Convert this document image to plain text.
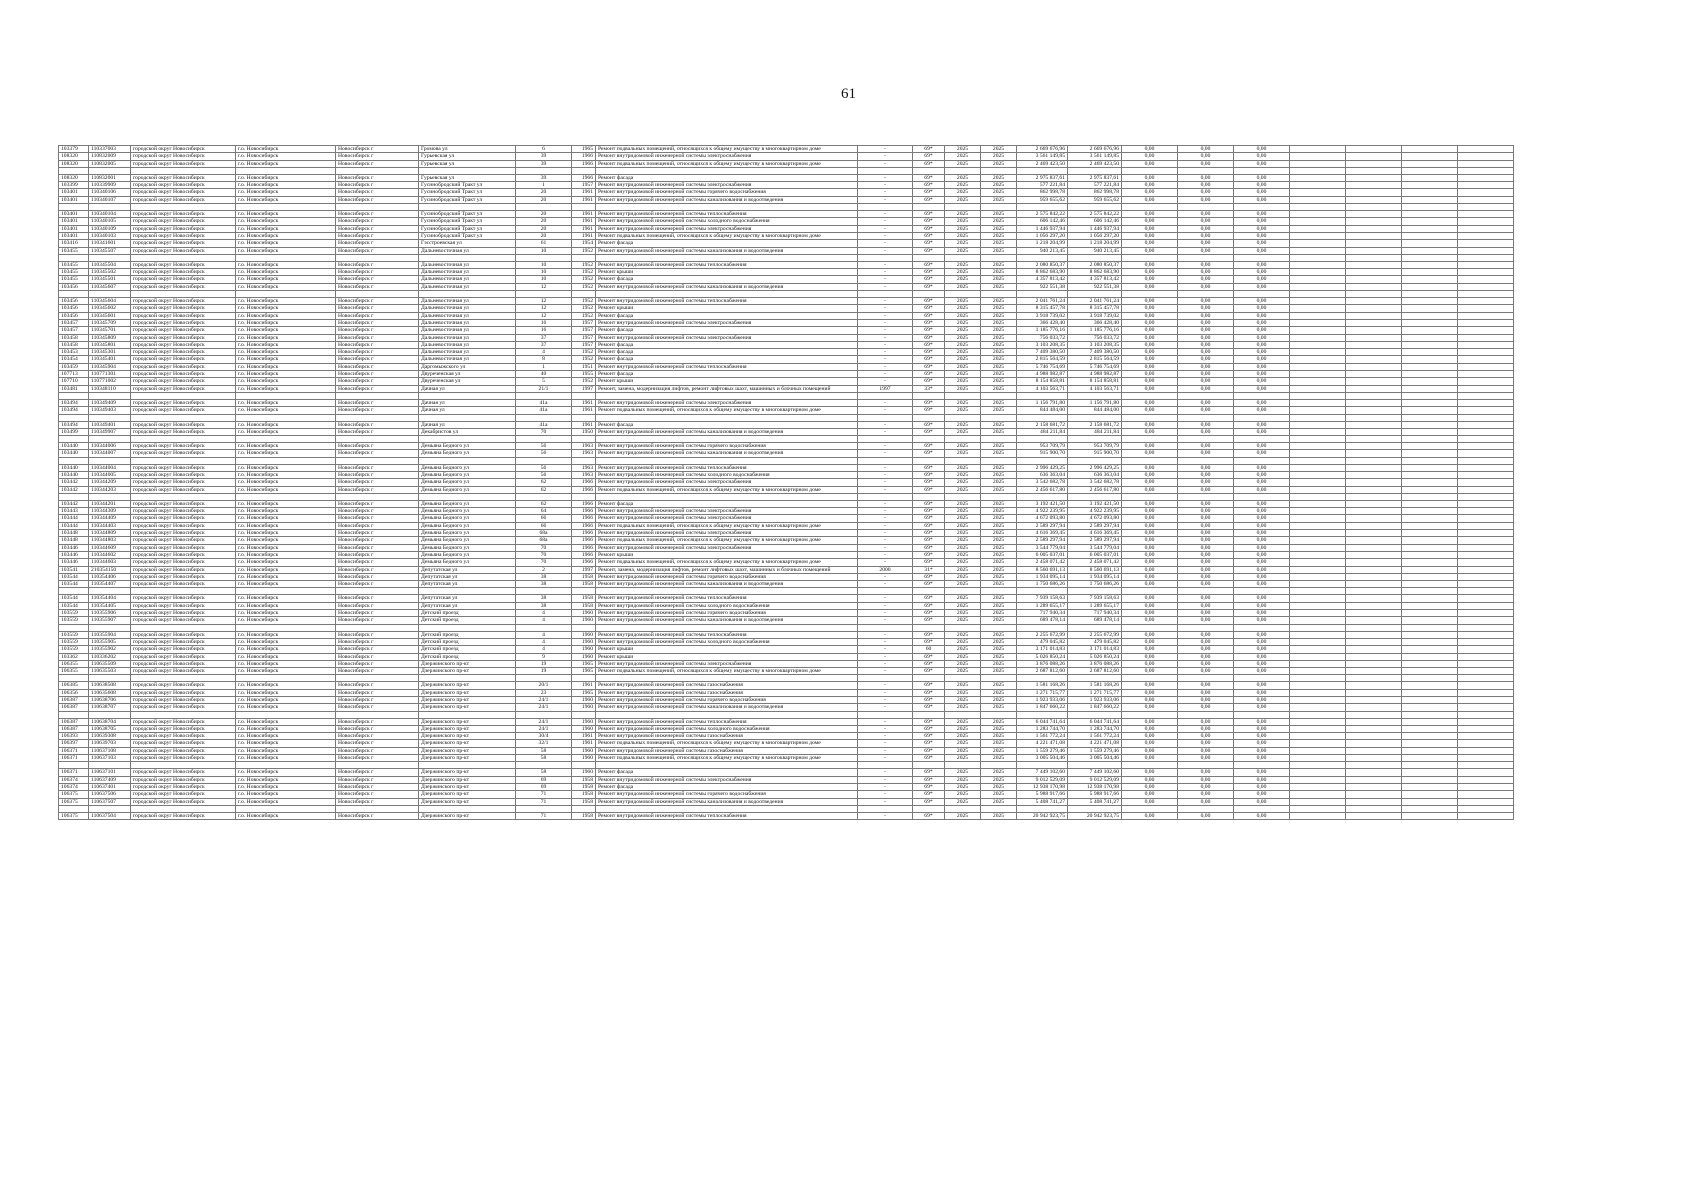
61
103379	110337003	городской округ Новосибирск	г.о. Новосибирск	Новосибирск г	Громова ул	6	1965	Ремонт подвальных помещений, относящихся к общему имуществу в многоквартирном доме	-	69*	2025	2025	2 669 676,96	2 669 676,96	0,00	0,00	0,00				
108320	110832009	городской округ Новосибирск	г.о. Новосибирск	Новосибирск г	Гурьевская ул	39	1966	Ремонт внутридомовой инженерной системы электроснабжения	-	69*	2025	2025	3 561 149,85	3 561 149,85	0,00	0,00	0,00				
108320	110832005	городской округ Новосибирск	г.о. Новосибирск	Новосибирск г	Гурьевская ул	39	1966	Ремонт подвальных помещений, относящихся к общему имуществу в многоквартирном доме	-	69*	2025	2025	2 469 423,50	2 469 423,50	0,00	0,00	0,00				

108320	110832001	городской округ Новосибирск	г.о. Новосибирск	Новосибирск г	Гурьевская ул	39	1966	Ремонт фасада	-	69*	2025	2025	2 975 837,61	2 975 837,61	0,00	0,00	0,00				
103399	110339909	городской округ Новосибирск	г.о. Новосибирск	Новосибирск г	Гусинобродский Тракт ул	1	1957	Ремонт внутридомовой инженерной системы электроснабжения	-	69*	2025	2025	577 221,84	577 221,84	0,00	0,00	0,00				
103401	110340106	городской округ Новосибирск	г.о. Новосибирск	Новосибирск г	Гусинобродский Тракт ул	20	1961	Ремонт внутридомовой инженерной системы горячего водоснабжения	-	69*	2025	2025	862 998,78	862 998,78	0,00	0,00	0,00				
103401	110340107	городской округ Новосибирск	г.о. Новосибирск	Новосибирск г	Гусинобродский Тракт ул	20	1961	Ремонт внутридомовой инженерной системы канализования и водоотведения	-	69*	2025	2025	959 655,62	959 655,62	0,00	0,00	0,00				

103401	110340104	городской округ Новосибирск	г.о. Новосибирск	Новосибирск г	Гусинобродский Тракт ул	20	1961	Ремонт внутридомовой инженерной системы теплоснабжения	-	69*	2025	2025	2 575 842,22	2 575 842,22	0,00	0,00	0,00				
103401	110340105	городской округ Новосибирск	г.о. Новосибирск	Новосибирск г	Гусинобродский Тракт ул	20	1961	Ремонт внутридомовой инженерной системы холодного водоснабжения	-	69*	2025	2025	606 142,46	606 142,46	0,00	0,00	0,00				
103401	110340109	городской округ Новосибирск	г.о. Новосибирск	Новосибирск г	Гусинобродский Тракт ул	20	1961	Ремонт внутридомовой инженерной системы электроснабжения	-	69*	2025	2025	1 446 937,94	1 446 937,94	0,00	0,00	0,00				
103401	110340103	городской округ Новосибирск	г.о. Новосибирск	Новосибирск г	Гусинобродский Тракт ул	20	1961	Ремонт подвальных помещений, относящихся к общему имуществу в многоквартирном доме	-	69*	2025	2025	1 056 297,20	1 056 297,20	0,00	0,00	0,00				
103416	110341601	городской округ Новосибирск	г.о. Новосибирск	Новосибирск г	Гэсстроевская ул	61	1954	Ремонт фасада	-	69*	2025	2025	1 218 204,99	1 218 204,99	0,00	0,00	0,00				
103455	110345507	городской округ Новосибирск	г.о. Новосибирск	Новосибирск г	Дальневосточная ул	10	1952	Ремонт внутридомовой инженерной системы канализования и водоотведения	-	69*	2025	2025	940 213,45	940 213,45	0,00	0,00	0,00				

103455	110345504	городской округ Новосибирск	г.о. Новосибирск	Новосибирск г	Дальневосточная ул	10	1952	Ремонт внутридомовой инженерной системы теплоснабжения	-	69*	2025	2025	2 080 850,37	2 080 850,37	0,00	0,00	0,00				
103455	110345502	городской округ Новосибирск	г.о. Новосибирск	Новосибирск г	Дальневосточная ул	10	1952	Ремонт крыши	-	69*	2025	2025	8 862 683,90	8 862 683,90	0,00	0,00	0,00				
103455	110345501	городской округ Новосибирск	г.о. Новосибирск	Новосибирск г	Дальневосточная ул	10	1952	Ремонт фасада	-	69*	2025	2025	4 357 813,42	4 357 813,42	0,00	0,00	0,00				
103456	110345607	городской округ Новосибирск	г.о. Новосибирск	Новосибирск г	Дальневосточная ул	12	1952	Ремонт внутридомовой инженерной системы канализования и водоотведения	-	69*	2025	2025	922 551,38	922 551,38	0,00	0,00	0,00				

103456	110345604	городской округ Новосибирск	г.о. Новосибирск	Новосибирск г	Дальневосточная ул	12	1952	Ремонт внутридомовой инженерной системы теплоснабжения	-	69*	2025	2025	2 041 761,24	2 041 761,24	0,00	0,00	0,00				
103456	110345602	городской округ Новосибирск	г.о. Новосибирск	Новосибирск г	Дальневосточная ул	12	1952	Ремонт крыши	-	69*	2025	2025	8 315 457,78	8 315 457,78	0,00	0,00	0,00				
103456	110345601	городской округ Новосибирск	г.о. Новосибирск	Новосибирск г	Дальневосточная ул	12	1952	Ремонт фасада	-	69*	2025	2025	3 918 739,02	3 918 739,02	0,00	0,00	0,00				
103457	110345709	городской округ Новосибирск	г.о. Новосибирск	Новосибирск г	Дальневосточная ул	16	1957	Ремонт внутридомовой инженерной системы электроснабжения	-	69*	2025	2025	366 428,40	366 428,40	0,00	0,00	0,00				
103457	110345701	городской округ Новосибирск	г.о. Новосибирск	Новосибирск г	Дальневосточная ул	16	1957	Ремонт фасада	-	69*	2025	2025	1 185 776,16	1 185 776,16	0,00	0,00	0,00				
103458	110345809	городской округ Новосибирск	г.о. Новосибирск	Новосибирск г	Дальневосточная ул	37	1957	Ремонт внутридомовой инженерной системы электроснабжения	-	69*	2025	2025	756 033,72	756 033,72	0,00	0,00	0,00				
103458	110345801	городской округ Новосибирск	г.о. Новосибирск	Новосибирск г	Дальневосточная ул	37	1957	Ремонт фасада	-	69*	2025	2025	3 103 208,35	3 103 208,35	0,00	0,00	0,00				
103453	110345301	городской округ Новосибирск	г.о. Новосибирск	Новосибирск г	Дальневосточная ул	4	1952	Ремонт фасада	-	69*	2025	2025	7 409 380,50	7 409 380,50	0,00	0,00	0,00				
103454	110345401	городской округ Новосибирск	г.о. Новосибирск	Новосибирск г	Дальневосточная ул	8	1952	Ремонт фасада	-	69*	2025	2025	2 815 564,59	2 815 564,59	0,00	0,00	0,00				
103459	110345904	городской округ Новосибирск	г.о. Новосибирск	Новосибирск г	Даргомыжского ул	1	1951	Ремонт внутридомовой инженерной системы теплоснабжения	-	69*	2025	2025	5 746 754,69	5 746 754,69	0,00	0,00	0,00				
107713	110771301	городской округ Новосибирск	г.о. Новосибирск	Новосибирск г	Двуреченская ул	40	1955	Ремонт фасада	-	69*	2025	2025	4 988 982,87	4 988 982,87	0,00	0,00	0,00				
107710	110771002	городской округ Новосибирск	г.о. Новосибирск	Новосибирск г	Двуреченская ул	5	1952	Ремонт крыши	-	69*	2025	2025	8 154 858,81	8 154 858,81	0,00	0,00	0,00				
103481	110348110	городской округ Новосибирск	г.о. Новосибирск	Новосибирск г	Дачная ул	21/1	1997	Ремонт, замена, модернизация лифтов, ремонт лифтовых шахт, машинных и блочных помещений	1997	33*	2025	2025	4 103 563,71	4 103 563,71	0,00	0,00	0,00				

103494	110349409	городской округ Новосибирск	г.о. Новосибирск	Новосибирск г	Дачная ул	41а	1961	Ремонт внутридомовой инженерной системы электроснабжения	-	69*	2025	2025	1 156 791,80	1 156 791,80	0,00	0,00	0,00				
103494	110349403	городской округ Новосибирск	г.о. Новосибирск	Новосибирск г	Дачная ул	41а	1961	Ремонт подвальных помещений, относящихся к общему имуществу в многоквартирном доме	-	69*	2025	2025	844 484,00	844 484,00	0,00	0,00	0,00				

103494	110349401	городской округ Новосибирск	г.о. Новосибирск	Новосибирск г	Дачная ул	41а	1961	Ремонт фасада	-	69*	2025	2025	2 158 681,72	2 158 681,72	0,00	0,00	0,00				
103499	110349907	городской округ Новосибирск	г.о. Новосибирск	Новосибирск г	Декабристов ул	70	1950	Ремонт внутридомовой инженерной системы канализования и водоотведения	-	69*	2025	2025	484 211,84	484 211,84	0,00	0,00	0,00				

103440	110344006	городской округ Новосибирск	г.о. Новосибирск	Новосибирск г	Демьяна Бедного ул	56	1963	Ремонт внутридомовой инженерной системы горячего водоснабжения	-	69*	2025	2025	953 709,79	953 709,79	0,00	0,00	0,00				
103440	110344007	городской округ Новосибирск	г.о. Новосибирск	Новосибирск г	Демьяна Бедного ул	56	1963	Ремонт внутридомовой инженерной системы канализования и водоотведения	-	69*	2025	2025	915 900,70	915 900,70	0,00	0,00	0,00				

103440	110344004	городской округ Новосибирск	г.о. Новосибирск	Новосибирск г	Демьяна Бедного ул	56	1963	Ремонт внутридомовой инженерной системы теплоснабжения	-	69*	2025	2025	2 996 429,25	2 996 429,25	0,00	0,00	0,00				
103440	110344005	городской округ Новосибирск	г.о. Новосибирск	Новосибирск г	Демьяна Бедного ул	56	1963	Ремонт внутридомовой инженерной системы холодного водоснабжения	-	69*	2025	2025	636 363,04	636 363,04	0,00	0,00	0,00				
103442	110344209	городской округ Новосибирск	г.о. Новосибирск	Новосибирск г	Демьяна Бедного ул	62	1966	Ремонт внутридомовой инженерной системы электроснабжения	-	69*	2025	2025	3 542 682,78	3 542 682,78	0,00	0,00	0,00				
103442	110344203	городской округ Новосибирск	г.о. Новосибирск	Новосибирск г	Демьяна Бедного ул	62	1966	Ремонт подвальных помещений, относящихся к общему имуществу в многоквартирном доме	-	69*	2025	2025	2 456 617,80	2 456 617,80	0,00	0,00	0,00				

103442	110344201	городской округ Новосибирск	г.о. Новосибирск	Новосибирск г	Демьяна Бедного ул	62	1966	Ремонт фасада	-	69*	2025	2025	3 192 421,50	3 192 421,50	0,00	0,00	0,00				
103443	110344309	городской округ Новосибирск	г.о. Новосибирск	Новосибирск г	Демьяна Бедного ул	64	1966	Ремонт внутридомовой инженерной системы электроснабжения	-	69*	2025	2025	4 922 239,95	4 922 239,95	0,00	0,00	0,00				
103444	110344409	городской округ Новосибирск	г.о. Новосибирск	Новосибирск г	Демьяна Бедного ул	66	1966	Ремонт внутридомовой инженерной системы электроснабжения	-	69*	2025	2025	4 672 093,80	4 672 093,80	0,00	0,00	0,00				
103444	110344403	городской округ Новосибирск	г.о. Новосибирск	Новосибирск г	Демьяна Бедного ул	66	1966	Ремонт подвальных помещений, относящихся к общему имуществу в многоквартирном доме	-	69*	2025	2025	2 589 297,94	2 589 297,94	0,00	0,00	0,00				
103448	110344809	городской округ Новосибирск	г.о. Новосибирск	Новосибирск г	Демьяна Бедного ул	68а	1966	Ремонт внутридомовой инженерной системы электроснабжения	-	69*	2025	2025	4 616 369,45	4 616 369,45	0,00	0,00	0,00				
103448	110344803	городской округ Новосибирск	г.о. Новосибирск	Новосибирск г	Демьяна Бедного ул	68а	1966	Ремонт подвальных помещений, относящихся к общему имуществу в многоквартирном доме	-	69*	2025	2025	2 589 297,94	2 589 297,94	0,00	0,00	0,00				
103446	110344609	городской округ Новосибирск	г.о. Новосибирск	Новосибирск г	Демьяна Бедного ул	70	1966	Ремонт внутридомовой инженерной системы электроснабжения	-	69*	2025	2025	3 544 779,04	3 544 779,04	0,00	0,00	0,00				
103446	110344602	городской округ Новосибирск	г.о. Новосибирск	Новосибирск г	Демьяна Бедного ул	70	1966	Ремонт крыши	-	69*	2025	2025	6 005 037,01	6 005 037,01	0,00	0,00	0,00				
103446	110344603	городской округ Новосибирск	г.о. Новосибирск	Новосибирск г	Демьяна Бедного ул	70	1966	Ремонт подвальных помещений, относящихся к общему имуществу в многоквартирном доме	-	69*	2025	2025	2 458 071,42	2 458 071,42	0,00	0,00	0,00				
103541	210354150	городской округ Новосибирск	г.о. Новосибирск	Новосибирск г	Депутатская ул	2	1997	Ремонт, замена, модернизация лифтов, ремонт лифтовых шахт, машинных и блочных помещений	2000	31*	2025	2025	8 560 691,13	8 560 691,13	0,00	0,00	0,00				
103544	110354406	городской округ Новосибирск	г.о. Новосибирск	Новосибирск г	Депутатская ул	38	1958	Ремонт внутридомовой инженерной системы горячего водоснабжения	-	69*	2025	2025	1 934 095,14	1 934 095,14	0,00	0,00	0,00				
103544	110354407	городской округ Новосибирск	г.о. Новосибирск	Новосибирск г	Депутатская ул	38	1958	Ремонт внутридомовой инженерной системы канализования и водоотведения	-	69*	2025	2025	1 750 686,26	1 750 686,26	0,00	0,00	0,00				

103544	110354404	городской округ Новосибирск	г.о. Новосибирск	Новосибирск г	Депутатская ул	38	1958	Ремонт внутридомовой инженерной системы теплоснабжения	-	69*	2025	2025	7 939 158,63	7 939 158,63	0,00	0,00	0,00				
103544	110354405	городской округ Новосибирск	г.о. Новосибирск	Новосибирск г	Депутатская ул	38	1958	Ремонт внутридомовой инженерной системы холодного водоснабжения	-	69*	2025	2025	1 289 655,17	1 289 655,17	0,00	0,00	0,00				
103559	110355906	городской округ Новосибирск	г.о. Новосибирск	Новосибирск г	Детский проезд	4	1960	Ремонт внутридомовой инженерной системы горячего водоснабжения	-	69*	2025	2025	717 940,34	717 940,34	0,00	0,00	0,00				
103559	110355907	городской округ Новосибирск	г.о. Новосибирск	Новосибирск г	Детский проезд	4	1960	Ремонт внутридомовой инженерной системы канализования и водоотведения	-	69*	2025	2025	689 478,14	689 478,14	0,00	0,00	0,00				

103559	110355904	городской округ Новосибирск	г.о. Новосибирск	Новосибирск г	Детский проезд	4	1960	Ремонт внутридомовой инженерной системы теплоснабжения	-	69*	2025	2025	2 255 672,99	2 255 672,99	0,00	0,00	0,00				
103559	110355905	городской округ Новосибирск	г.о. Новосибирск	Новосибирск г	Детский проезд	4	1960	Ремонт внутридомовой инженерной системы холодного водоснабжения	-	69*	2025	2025	479 045,82	479 045,82	0,00	0,00	0,00				
103559	110355902	городской округ Новосибирск	г.о. Новосибирск	Новосибирск г	Детский проезд	4	1960	Ремонт крыши	-	60	2025	2025	3 171 014,83	3 171 014,83	0,00	0,00	0,00				
103362	110336202	городской округ Новосибирск	г.о. Новосибирск	Новосибирск г	Детский проезд	9	1960	Ремонт крыши	-	69*	2025	2025	5 026 850,24	5 026 850,24	0,00	0,00	0,00				
106355	110635509	городской округ Новосибирск	г.о. Новосибирск	Новосибирск г	Дзержинского пр-кт	19	1965	Ремонт внутридомовой инженерной системы электроснабжения	-	69*	2025	2025	3 876 088,26	3 876 088,26	0,00	0,00	0,00				
106355	110635503	городской округ Новосибирск	г.о. Новосибирск	Новосибирск г	Дзержинского пр-кт	19	1965	Ремонт подвальных помещений, относящихся к общему имуществу в многоквартирном доме	-	69*	2025	2025	2 687 812,60	2 687 812,60	0,00	0,00	0,00				

106385	110638508	городской округ Новосибирск	г.о. Новосибирск	Новосибирск г	Дзержинского пр-кт	20/1	1961	Ремонт внутридомовой инженерной системы газоснабжения	-	69*	2025	2025	1 581 168,26	1 581 168,26	0,00	0,00	0,00				
106356	110635608	городской округ Новосибирск	г.о. Новосибирск	Новосибирск г	Дзержинского пр-кт	23	1965	Ремонт внутридомовой инженерной системы газоснабжения	-	69*	2025	2025	1 271 715,77	1 271 715,77	0,00	0,00	0,00				
106387	110638706	городской округ Новосибирск	г.о. Новосибирск	Новосибирск г	Дзержинского пр-кт	24/1	1960	Ремонт внутридомовой инженерной системы горячего водоснабжения	-	69*	2025	2025	1 923 933,06	1 923 933,06	0,00	0,00	0,00				
106387	110638707	городской округ Новосибирск	г.о. Новосибирск	Новосибирск г	Дзержинского пр-кт	24/1	1960	Ремонт внутридомовой инженерной системы канализования и водоотведения	-	69*	2025	2025	1 847 660,22	1 847 660,22	0,00	0,00	0,00				

106387	110638704	городской округ Новосибирск	г.о. Новосибирск	Новосибирск г	Дзержинского пр-кт	24/1	1960	Ремонт внутридомовой инженерной системы теплоснабжения	-	69*	2025	2025	6 044 741,64	6 044 741,64	0,00	0,00	0,00				
106387	110638705	городской округ Новосибирск	г.о. Новосибирск	Новосибирск г	Дзержинского пр-кт	24/1	1960	Ремонт внутридомовой инженерной системы холодного водоснабжения	-	69*	2025	2025	1 283 744,70	1 283 744,70	0,00	0,00	0,00				
106393	110639308	городской округ Новосибирск	г.о. Новосибирск	Новосибирск г	Дзержинского пр-кт	30/4	1961	Ремонт внутридомовой инженерной системы газоснабжения	-	69*	2025	2025	1 561 772,24	1 561 772,24	0,00	0,00	0,00				
106397	110639703	городской округ Новосибирск	г.о. Новосибирск	Новосибирск г	Дзержинского пр-кт	32/1	1961	Ремонт подвальных помещений, относящихся к общему имуществу в многоквартирном доме	-	69*	2025	2025	4 221 471,08	4 221 471,08	0,00	0,00	0,00				
106371	110637108	городской округ Новосибирск	г.о. Новосибирск	Новосибирск г	Дзержинского пр-кт	58	1960	Ремонт внутридомовой инженерной системы газоснабжения	-	69*	2025	2025	1 559 279,46	1 559 279,46	0,00	0,00	0,00				
106371	110637103	городской округ Новосибирск	г.о. Новосибирск	Новосибирск г	Дзержинского пр-кт	58	1960	Ремонт подвальных помещений, относящихся к общему имуществу в многоквартирном доме	-	69*	2025	2025	3 005 504,46	3 005 504,46	0,00	0,00	0,00				

106371	110637101	городской округ Новосибирск	г.о. Новосибирск	Новосибирск г	Дзержинского пр-кт	58	1960	Ремонт фасада	-	69*	2025	2025	7 449 102,60	7 449 102,60	0,00	0,00	0,00				
106374	110637409	городской округ Новосибирск	г.о. Новосибирск	Новосибирск г	Дзержинского пр-кт	69	1958	Ремонт внутридомовой инженерной системы электроснабжения	-	69*	2025	2025	9 012 529,09	9 012 529,09	0,00	0,00	0,00				
106374	110637401	городской округ Новосибирск	г.о. Новосибирск	Новосибирск г	Дзержинского пр-кт	69	1958	Ремонт фасада	-	69*	2025	2025	12 938 170,98	12 938 170,98	0,00	0,00	0,00				
106375	110637506	городской округ Новосибирск	г.о. Новосибирск	Новосибирск г	Дзержинского пр-кт	71	1958	Ремонт внутридомовой инженерной системы горячего водоснабжения	-	69*	2025	2025	5 988 917,66	5 988 917,66	0,00	0,00	0,00				
106375	110637507	городской округ Новосибирск	г.о. Новосибирск	Новосибирск г	Дзержинского пр-кт	71	1958	Ремонт внутридомовой инженерной системы канализования и водоотведения	-	69*	2025	2025	5 408 741,27	5 408 741,27	0,00	0,00	0,00				

106375	110637504	городской округ Новосибирск	г.о. Новосибирск	Новосибирск г	Дзержинского пр-кт	71	1958	Ремонт внутридомовой инженерной системы теплоснабжения	-	69*	2025	2025	20 942 923,75	20 942 923,75	0,00	0,00	0,00				
